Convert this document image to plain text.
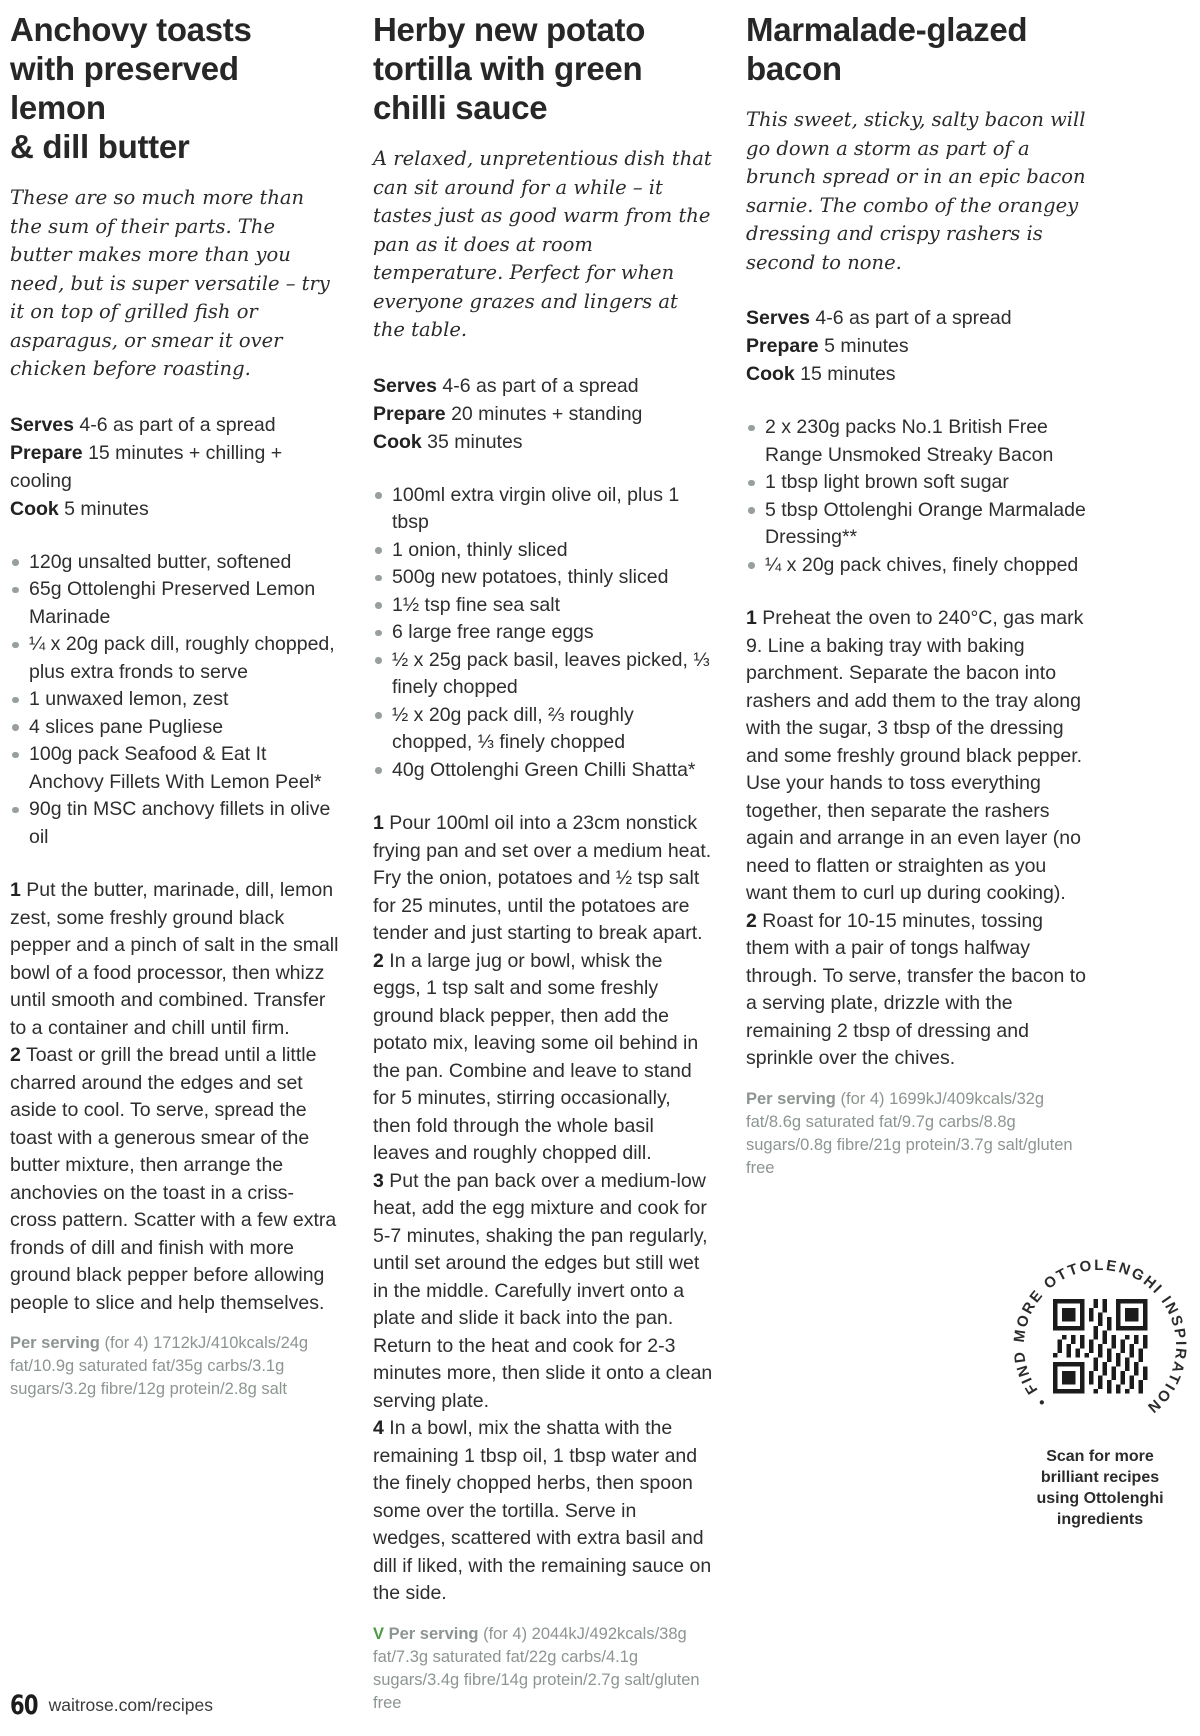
Anchovy toasts
with preserved lemon
& dill butter

These are so much more than the sum of their parts. The butter makes more than you need, but is super versatile – try it on top of grilled fish or asparagus, or smear it over chicken before roasting.

Serves 4-6 as part of a spread

Prepare 15 minutes + chilling + cooling

Cook 5 minutes

120g unsalted butter, softened
65g Ottolenghi Preserved Lemon Marinade
¼ x 20g pack dill, roughly chopped, plus extra fronds to serve
1 unwaxed lemon, zest
4 slices pane Pugliese
100g pack Seafood & Eat It Anchovy Fillets With Lemon Peel*
90g tin MSC anchovy fillets in olive oil

1 Put the butter, marinade, dill, lemon zest, some freshly ground black pepper and a pinch of salt in the small bowl of a food processor, then whizz until smooth and combined. Transfer to a container and chill until firm.

2 Toast or grill the bread until a little charred around the edges and set aside to cool. To serve, spread the toast with a generous smear of the butter mixture, then arrange the anchovies on the toast in a criss-cross pattern. Scatter with a few extra fronds of dill and finish with more ground black pepper before allowing people to slice and help themselves.

Per serving (for 4) 1712kJ/410kcals/24g fat/10.9g saturated fat/35g carbs/3.1g sugars/3.2g fibre/12g protein/2.8g salt

Herby new potato
tortilla with green
chilli sauce

A relaxed, unpretentious dish that can sit around for a while – it tastes just as good warm from the pan as it does at room temperature. Perfect for when everyone grazes and lingers at the table.

Serves 4-6 as part of a spread

Prepare 20 minutes + standing

Cook 35 minutes

100ml extra virgin olive oil, plus 1 tbsp
1 onion, thinly sliced
500g new potatoes, thinly sliced
1½ tsp fine sea salt
6 large free range eggs
½ x 25g pack basil, leaves picked, ⅓ finely chopped
½ x 20g pack dill, ⅔ roughly chopped, ⅓ finely chopped
40g Ottolenghi Green Chilli Shatta*

1 Pour 100ml oil into a 23cm nonstick frying pan and set over a medium heat. Fry the onion, potatoes and ½ tsp salt for 25 minutes, until the potatoes are tender and just starting to break apart.

2 In a large jug or bowl, whisk the eggs, 1 tsp salt and some freshly ground black pepper, then add the potato mix, leaving some oil behind in the pan. Combine and leave to stand for 5 minutes, stirring occasionally, then fold through the whole basil leaves and roughly chopped dill.

3 Put the pan back over a medium-low heat, add the egg mixture and cook for 5-7 minutes, shaking the pan regularly, until set around the edges but still wet in the middle. Carefully invert onto a plate and slide it back into the pan. Return to the heat and cook for 2-3 minutes more, then slide it onto a clean serving plate.

4 In a bowl, mix the shatta with the remaining 1 tbsp oil, 1 tbsp water and the finely chopped herbs, then spoon some over the tortilla. Serve in wedges, scattered with extra basil and dill if liked, with the remaining sauce on the side.

V Per serving (for 4) 2044kJ/492kcals/38g fat/7.3g saturated fat/22g carbs/4.1g sugars/3.4g fibre/14g protein/2.7g salt/gluten free

Marmalade-glazed
bacon

This sweet, sticky, salty bacon will go down a storm as part of a brunch spread or in an epic bacon sarnie. The combo of the orangey dressing and crispy rashers is second to none.

Serves 4-6 as part of a spread

Prepare 5 minutes

Cook 15 minutes

2 x 230g packs No.1 British Free Range Unsmoked Streaky Bacon
1 tbsp light brown soft sugar
5 tbsp Ottolenghi Orange Marmalade Dressing**
¼ x 20g pack chives, finely chopped

1 Preheat the oven to 240°C, gas mark 9. Line a baking tray with baking parchment. Separate the bacon into rashers and add them to the tray along with the sugar, 3 tbsp of the dressing and some freshly ground black pepper. Use your hands to toss everything together, then separate the rashers again and arrange in an even layer (no need to flatten or straighten as you want them to curl up during cooking).

2 Roast for 10-15 minutes, tossing them with a pair of tongs halfway through. To serve, transfer the bacon to a serving plate, drizzle with the remaining 2 tbsp of dressing and sprinkle over the chives.

Per serving (for 4) 1699kJ/409kcals/32g fat/8.6g saturated fat/9.7g carbs/8.8g sugars/0.8g fibre/21g protein/3.7g salt/gluten free

• FIND MORE OTTOLENGHI INSPIRATION
Scan for more
brilliant recipes
using Ottolenghi
ingredients
60 waitrose.com/recipes
